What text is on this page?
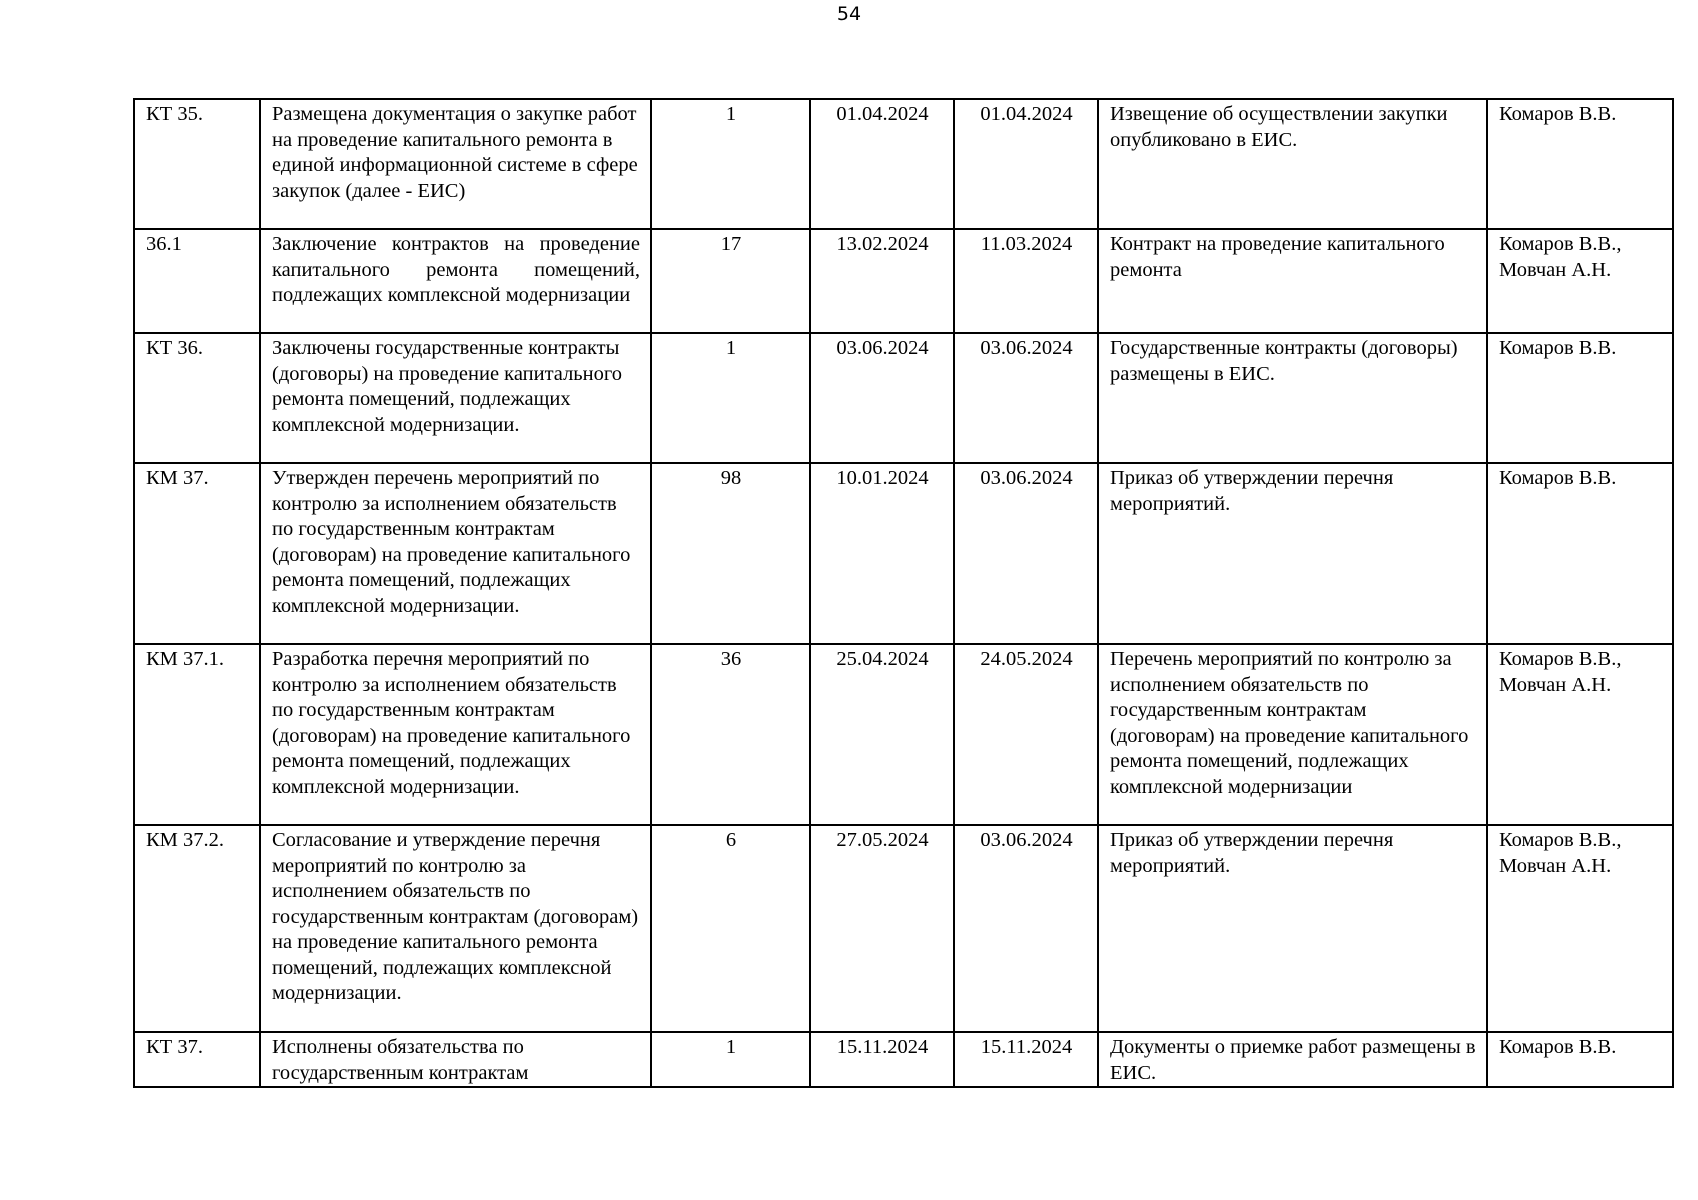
54
КТ 35.	Размещена документация о закупке работ на проведение капитального ремонта в единой информационной системе в сфере закупок (далее - ЕИС)	1	01.04.2024	01.04.2024	Извещение об осуществлении закупки опубликовано в ЕИС.	Комаров В.В.
36.1	Заключение контрактов на проведение капитального ремонта помещений, подлежащих комплексной модернизации	17	13.02.2024	11.03.2024	Контракт на проведение капитального ремонта	Комаров В.В., Мовчан А.Н.
КТ 36.	Заключены государственные контракты (договоры) на проведение капитального ремонта помещений, подлежащих комплексной модернизации.	1	03.06.2024	03.06.2024	Государственные контракты (договоры) размещены в ЕИС.	Комаров В.В.
КМ 37.	Утвержден перечень мероприятий по контролю за исполнением обязательств по государственным контрактам (договорам) на проведение капитального ремонта помещений, подлежащих комплексной модернизации.	98	10.01.2024	03.06.2024	Приказ об утверждении перечня мероприятий.	Комаров В.В.
КМ 37.1.	Разработка перечня мероприятий по контролю за исполнением обязательств по государственным контрактам (договорам) на проведение капитального ремонта помещений, подлежащих комплексной модернизации.	36	25.04.2024	24.05.2024	Перечень мероприятий по контролю за исполнением обязательств по государственным контрактам (договорам) на проведение капитального ремонта помещений, подлежащих комплексной модернизации	Комаров В.В., Мовчан А.Н.
КМ 37.2.	Согласование и утверждение перечня мероприятий по контролю за исполнением обязательств по государственным контрактам (договорам) на проведение капитального ремонта помещений, подлежащих комплексной модернизации.	6	27.05.2024	03.06.2024	Приказ об утверждении перечня мероприятий.	Комаров В.В., Мовчан А.Н.
КТ 37.	Исполнены обязательства по государственным контрактам	1	15.11.2024	15.11.2024	Документы о приемке работ размещены в ЕИС.	Комаров В.В.
